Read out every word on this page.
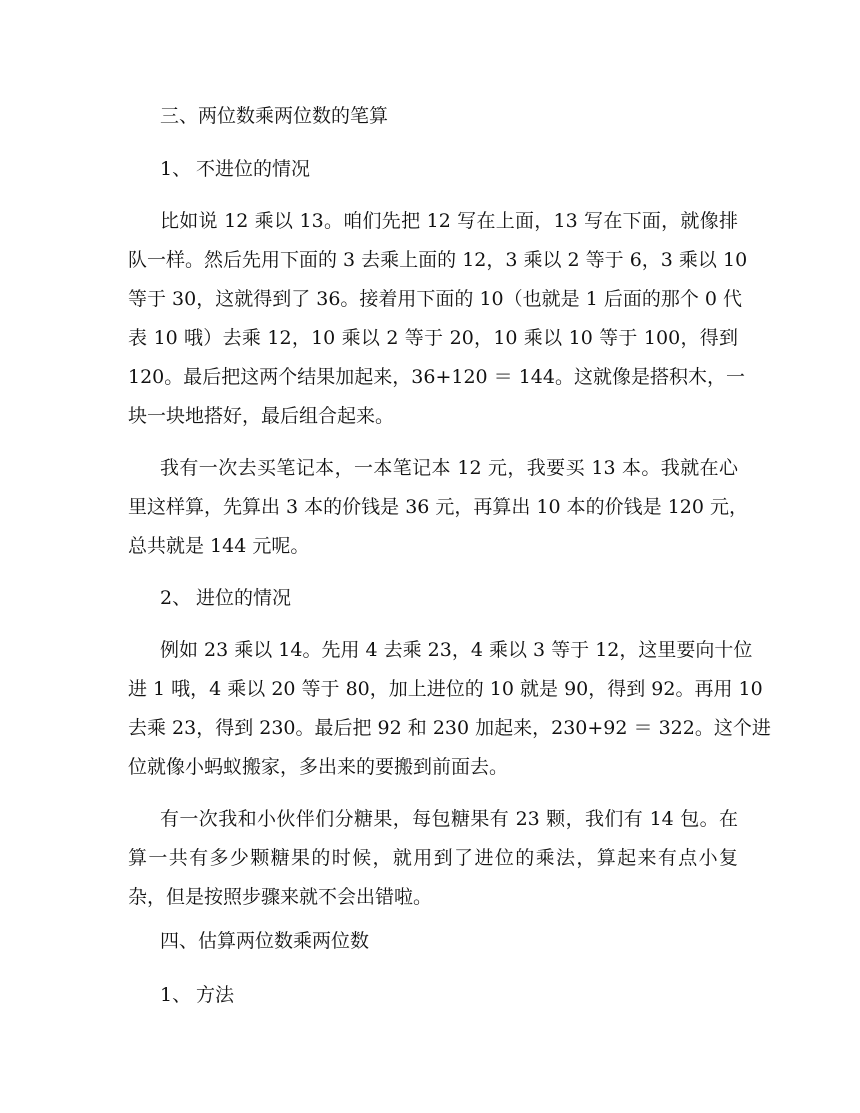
三、两位数乘两位数的笔算
1、 不进位的情况
比如说 12 乘以 13。咱们先把 12 写在上面，13 写在下面，就像排
队一样。然后先用下面的 3 去乘上面的 12，3 乘以 2 等于 6，3 乘以 10
等于 30，这就得到了 36。接着用下面的 10（也就是 1 后面的那个 0 代
表 10 哦）去乘 12，10 乘以 2 等于 20，10 乘以 10 等于 100，得到
120。最后把这两个结果加起来，36+120 ＝ 144。这就像是搭积木，一
块一块地搭好，最后组合起来。
我有一次去买笔记本，一本笔记本 12 元，我要买 13 本。我就在心
里这样算，先算出 3 本的价钱是 36 元，再算出 10 本的价钱是 120 元，
总共就是 144 元呢。
2、 进位的情况
例如 23 乘以 14。先用 4 去乘 23，4 乘以 3 等于 12，这里要向十位
进 1 哦，4 乘以 20 等于 80，加上进位的 10 就是 90，得到 92。再用 10
去乘 23，得到 230。最后把 92 和 230 加起来，230+92 ＝ 322。这个进
位就像小蚂蚁搬家，多出来的要搬到前面去。
有一次我和小伙伴们分糖果，每包糖果有 23 颗，我们有 14 包。在
算一共有多少颗糖果的时候，就用到了进位的乘法，算起来有点小复
杂，但是按照步骤来就不会出错啦。
四、估算两位数乘两位数
1、 方法
